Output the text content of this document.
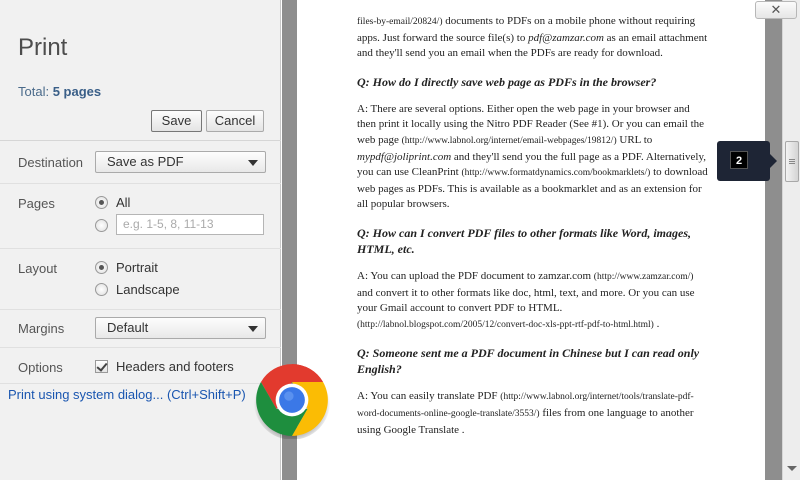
Print
Total: 5 pages
Save	Cancel
Destination	Save as PDF
Pages	All
e.g. 1-5, 8, 11-13
Layout	Portrait
Landscape
Margins	Default
Options	Headers and footers
Print using system dialog... (Ctrl+Shift+P)

files-by-email/20824/) documents to PDFs on a mobile phone without requiring apps. Just forward the source file(s) to pdf@zamzar.com as an email attachment and they'll send you an email when the PDFs are ready for download.

Q: How do I directly save web page as PDFs in the browser?

A: There are several options. Either open the web page in your browser and then print it locally using the Nitro PDF Reader (See #1). Or you can email the web page (http://www.labnol.org/internet/email-webpages/19812/) URL to mypdf@joliprint.com and they'll send you the full page as a PDF. Alternatively, you can use CleanPrint (http://www.formatdynamics.com/bookmarklets/) to download web pages as PDFs. This is available as a bookmarklet and as an extension for all popular browsers.

Q: How can I convert PDF files to other formats like Word, images, HTML, etc.

A: You can upload the PDF document to zamzar.com (http://www.zamzar.com/) and convert it to other formats like doc, html, text, and more. Or you can use your Gmail account to convert PDF to HTML. (http://labnol.blogspot.com/2005/12/convert-doc-xls-ppt-rtf-pdf-to-html.html) .

Q: Someone sent me a PDF document in Chinese but I can read only English?

A: You can easily translate PDF (http://www.labnol.org/internet/tools/translate-pdf-word-documents-online-google-translate/3553/) files from one language to another using Google Translate .

2
✕
